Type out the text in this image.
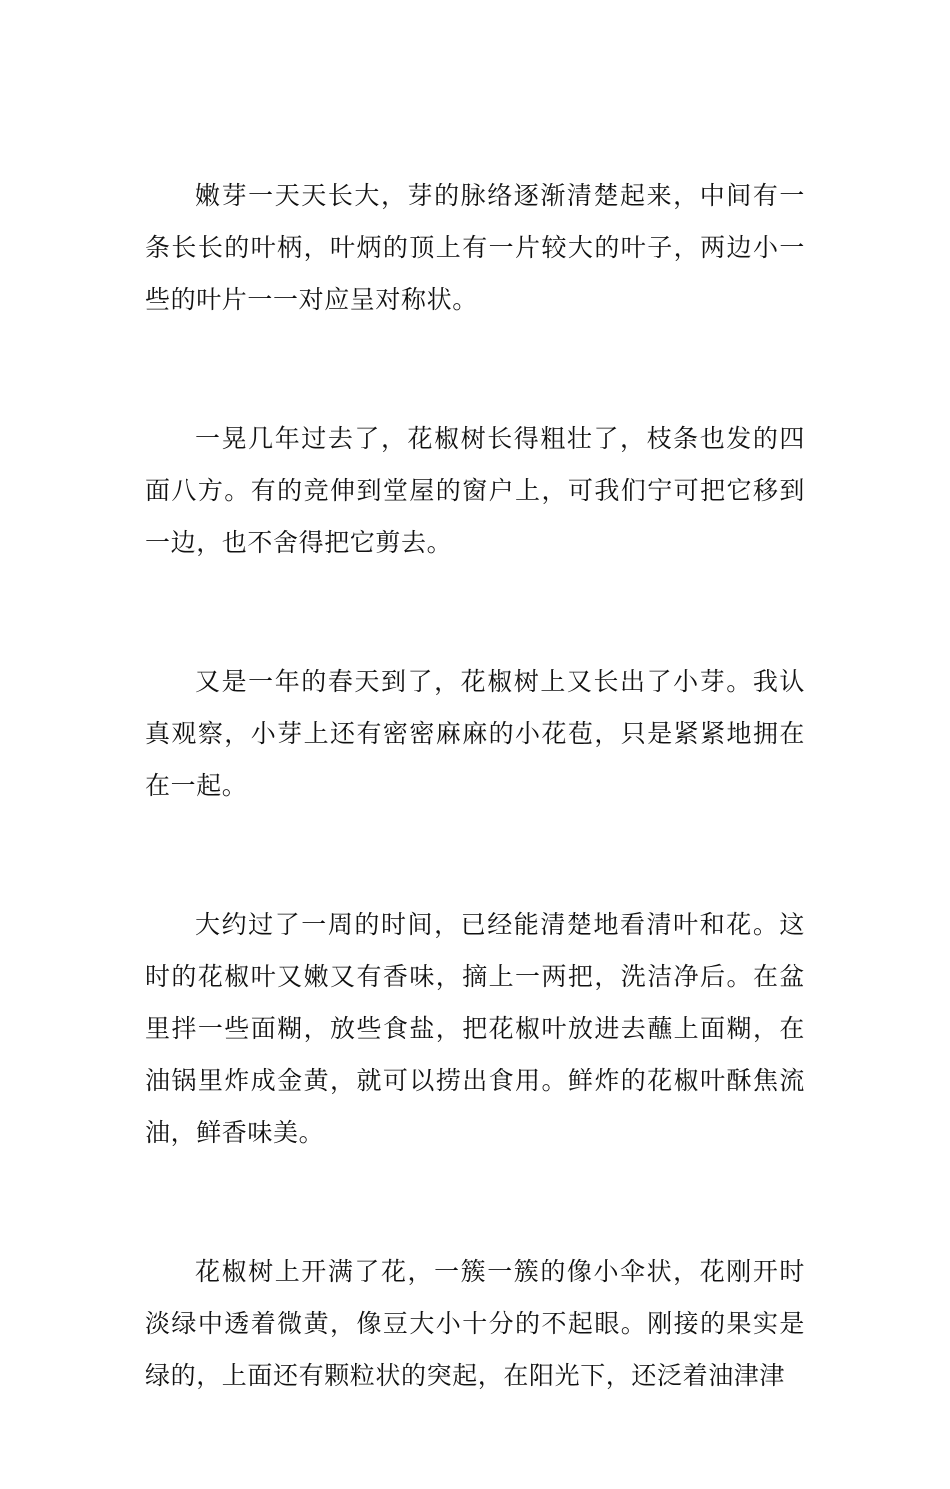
嫩芽一天天长大，芽的脉络逐渐清楚起来，中间有一条长长的叶柄，叶炳的顶上有一片较大的叶子，两边小一些的叶片一一对应呈对称状。

一晃几年过去了，花椒树长得粗壮了，枝条也发的四面八方。有的竞伸到堂屋的窗户上，可我们宁可把它移到一边，也不舍得把它剪去。

又是一年的春天到了，花椒树上又长出了小芽。我认真观察，小芽上还有密密麻麻的小花苞，只是紧紧地拥在在一起。

大约过了一周的时间，已经能清楚地看清叶和花。这时的花椒叶又嫩又有香味，摘上一两把，洗洁净后。在盆里拌一些面糊，放些食盐，把花椒叶放进去蘸上面糊，在油锅里炸成金黄，就可以捞出食用。鲜炸的花椒叶酥焦流油，鲜香味美。

花椒树上开满了花，一簇一簇的像小伞状，花刚开时淡绿中透着微黄，像豆大小十分的不起眼。刚接的果实是绿的，上面还有颗粒状的突起，在阳光下，还泛着油津津
